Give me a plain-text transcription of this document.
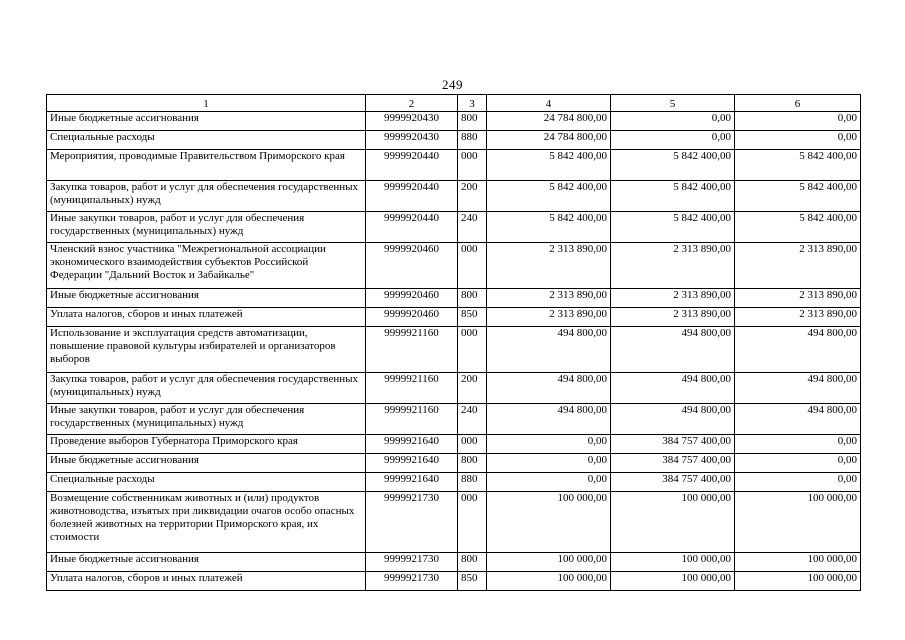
249
1	2	3	4	5	6
Иные бюджетные ассигнования	9999920430	800	24 784 800,00	0,00	0,00
Специальные расходы	9999920430	880	24 784 800,00	0,00	0,00
Мероприятия, проводимые Правительством Приморского края	9999920440	000	5 842 400,00	5 842 400,00	5 842 400,00
Закупка товаров, работ и услуг для обеспечения государственных (муниципальных) нужд	9999920440	200	5 842 400,00	5 842 400,00	5 842 400,00
Иные закупки товаров, работ и услуг для обеспечения государственных (муниципальных) нужд	9999920440	240	5 842 400,00	5 842 400,00	5 842 400,00
Членский взнос участника "Межрегиональной ассоциации экономического взаимодействия субъектов Российской Федерации "Дальний Восток и Забайкалье"	9999920460	000	2 313 890,00	2 313 890,00	2 313 890,00
Иные бюджетные ассигнования	9999920460	800	2 313 890,00	2 313 890,00	2 313 890,00
Уплата налогов, сборов и иных платежей	9999920460	850	2 313 890,00	2 313 890,00	2 313 890,00
Использование и эксплуатация средств автоматизации, повышение правовой культуры избирателей и организаторов выборов	9999921160	000	494 800,00	494 800,00	494 800,00
Закупка товаров, работ и услуг для обеспечения государственных (муниципальных) нужд	9999921160	200	494 800,00	494 800,00	494 800,00
Иные закупки товаров, работ и услуг для обеспечения государственных (муниципальных) нужд	9999921160	240	494 800,00	494 800,00	494 800,00
Проведение выборов Губернатора Приморского края	9999921640	000	0,00	384 757 400,00	0,00
Иные бюджетные ассигнования	9999921640	800	0,00	384 757 400,00	0,00
Специальные расходы	9999921640	880	0,00	384 757 400,00	0,00
Возмещение собственникам животных и (или) продуктов животноводства, изъятых при ликвидации очагов особо опасных болезней животных на территории Приморского края, их стоимости	9999921730	000	100 000,00	100 000,00	100 000,00
Иные бюджетные ассигнования	9999921730	800	100 000,00	100 000,00	100 000,00
Уплата налогов, сборов и иных платежей	9999921730	850	100 000,00	100 000,00	100 000,00
